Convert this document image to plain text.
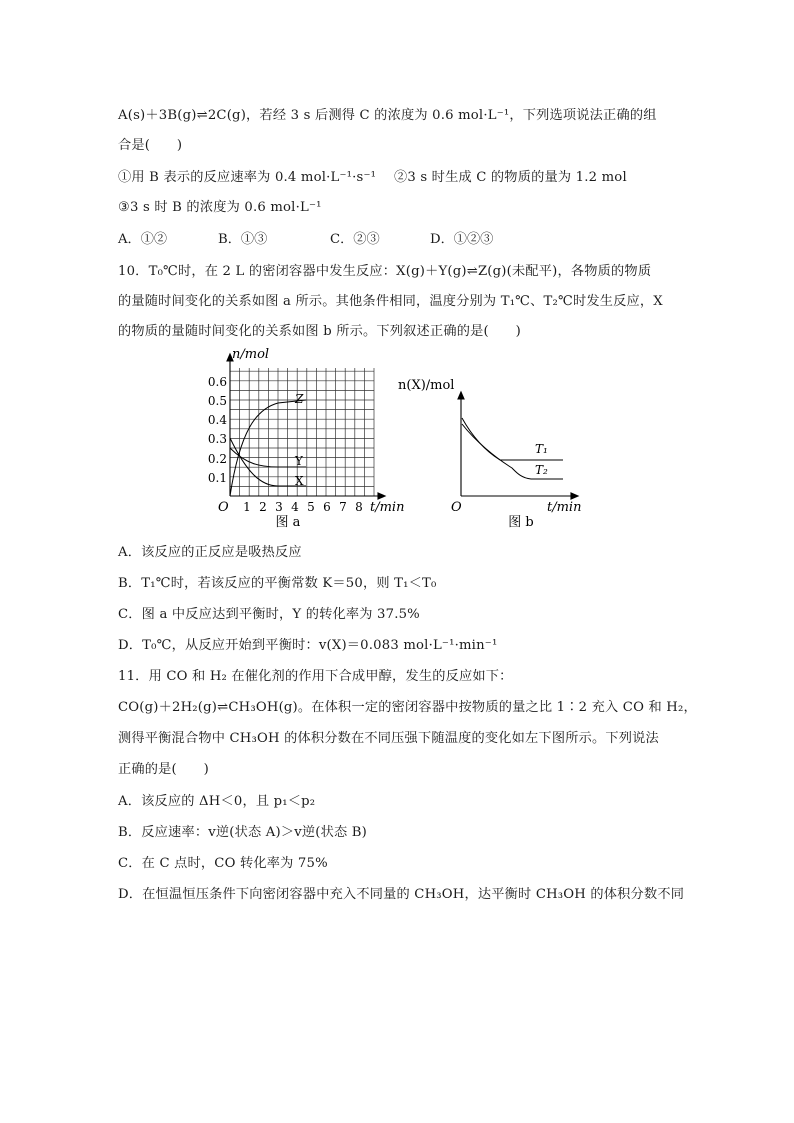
A(s)＋3B(g)⇌2C(g)，若经 3 s 后测得 C 的浓度为 0.6 mol·L⁻¹，下列选项说法正确的组
合是(　　)
①用 B 表示的反应速率为 0.4 mol·L⁻¹·s⁻¹　 ②3 s 时生成 C 的物质的量为 1.2 mol
③3 s 时 B 的浓度为 0.6 mol·L⁻¹
A．①②	B．①③	C．②③	D．①②③
10．T₀℃时，在 2 L 的密闭容器中发生反应：X(g)＋Y(g)⇌Z(g)(未配平)，各物质的物质
的量随时间变化的关系如图 a 所示。其他条件相同，温度分别为 T₁℃、T₂℃时发生反应，X
的物质的量随时间变化的关系如图 b 所示。下列叙述正确的是(　　)
n/mol
t/min
O
0.6
0.5
0.4
0.3
0.2
0.1
1 2 3 4 5 6 7 8
Z
Y
X
图 a
n(X)/mol
t/min
O
T₁
T₂
图 b
A．该反应的正反应是吸热反应
B．T₁℃时，若该反应的平衡常数 K＝50，则 T₁＜T₀
C．图 a 中反应达到平衡时，Y 的转化率为 37.5%
D．T₀℃，从反应开始到平衡时：v(X)＝0.083 mol·L⁻¹·min⁻¹
11．用 CO 和 H₂ 在催化剂的作用下合成甲醇，发生的反应如下：
CO(g)＋2H₂(g)⇌CH₃OH(g)。在体积一定的密闭容器中按物质的量之比 1∶2 充入 CO 和 H₂，
测得平衡混合物中 CH₃OH 的体积分数在不同压强下随温度的变化如左下图所示。下列说法
正确的是(　　)
A．该反应的 ΔH＜0，且 p₁＜p₂
B．反应速率：v逆(状态 A)＞v逆(状态 B)
C．在 C 点时，CO 转化率为 75%
D．在恒温恒压条件下向密闭容器中充入不同量的 CH₃OH，达平衡时 CH₃OH 的体积分数不同
